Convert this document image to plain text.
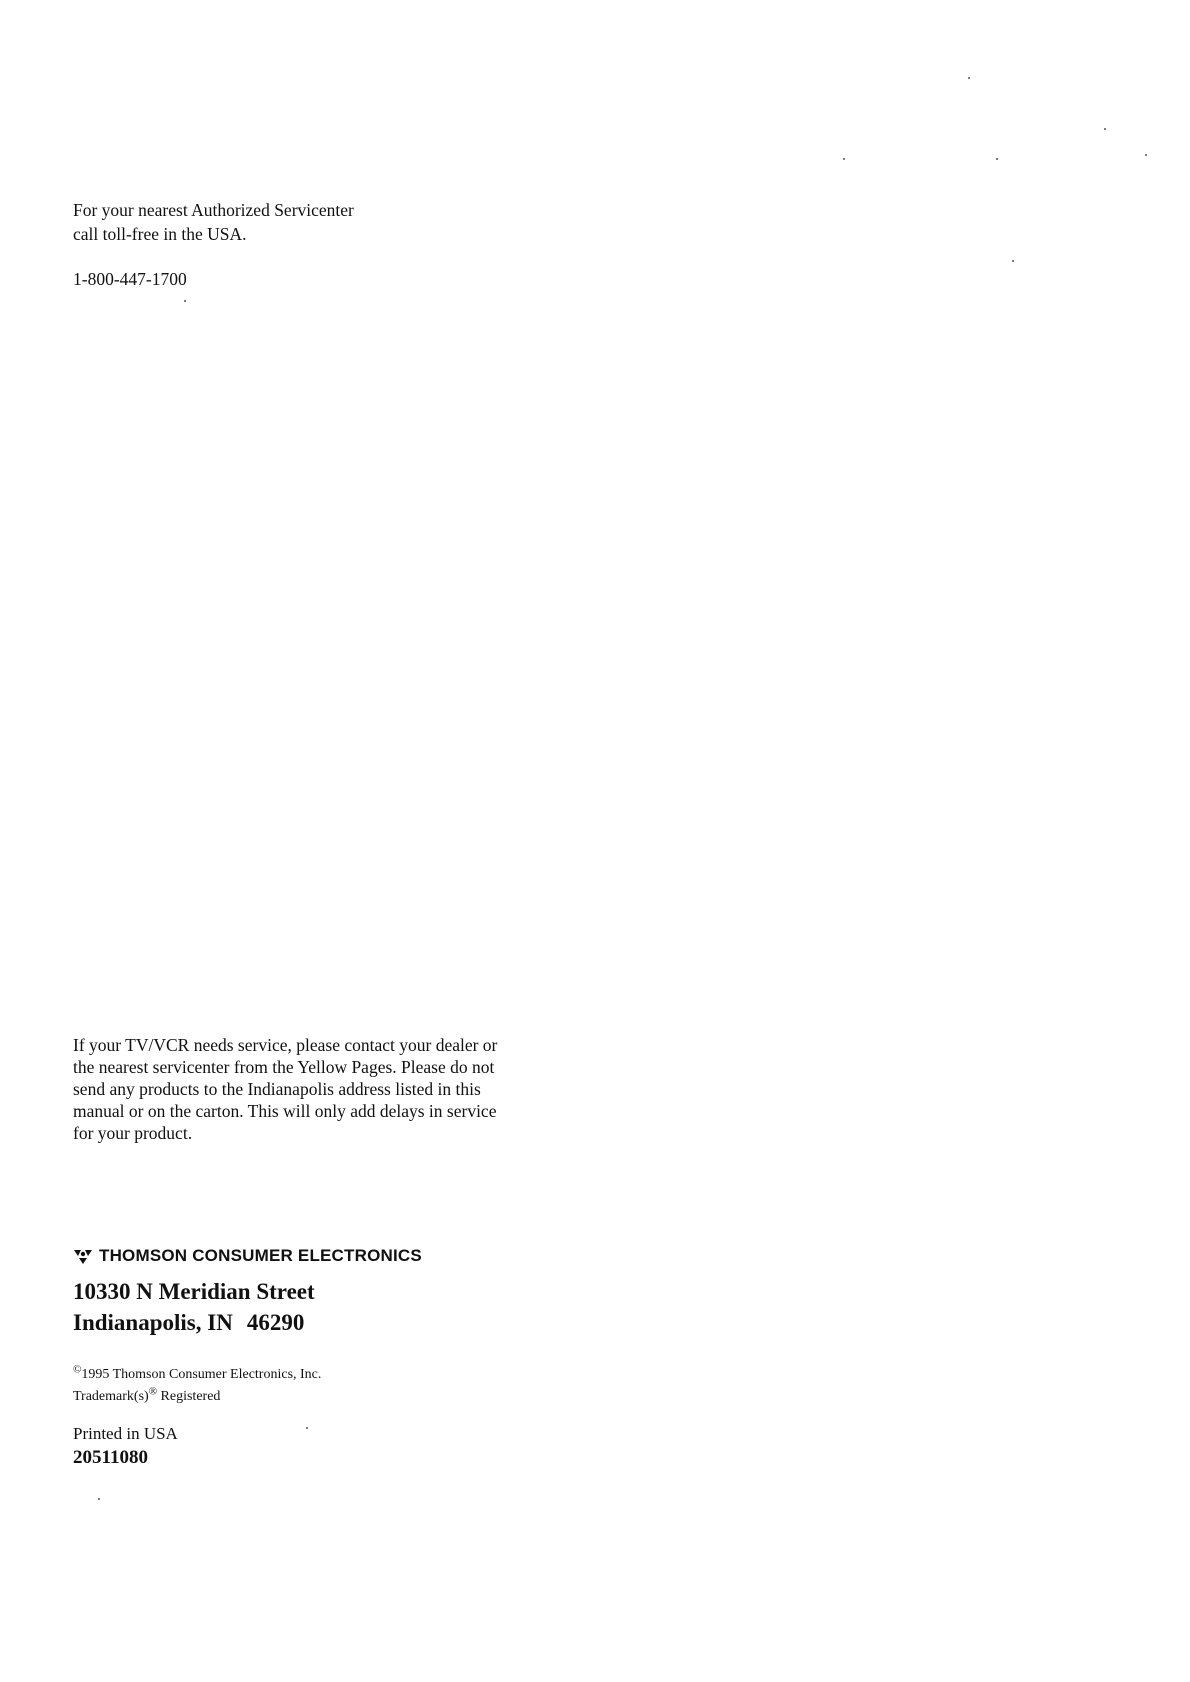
For your nearest Authorized Servicenter
call toll-free in the USA.
1-800-447-1700
If your TV/VCR needs service, please contact your dealer or
the nearest servicenter from the Yellow Pages. Please do not
send any products to the Indianapolis address listed in this
manual or on the carton. This will only add delays in service
for your product.
THOMSON CONSUMER ELECTRONICS
10330 N Meridian Street
Indianapolis, IN 46290
©1995 Thomson Consumer Electronics, Inc.
Trademark(s)® Registered
Printed in USA
20511080
